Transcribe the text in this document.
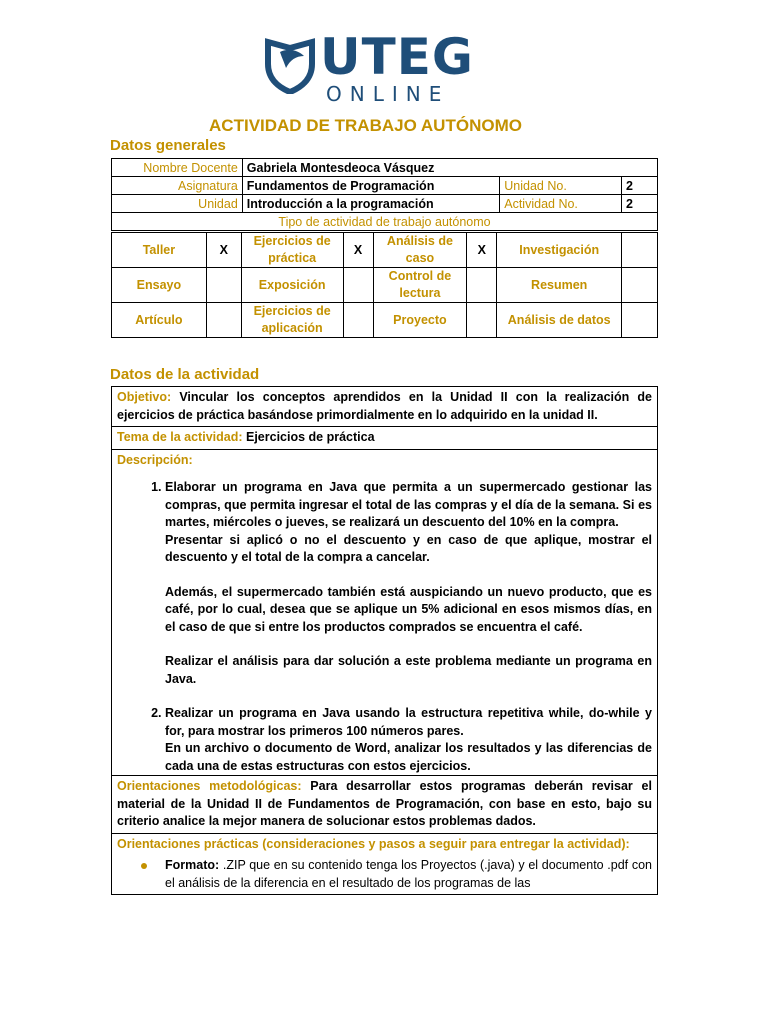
UTEG
ONLINE
ACTIVIDAD DE TRABAJO AUTÓNOMO
Datos generales
Nombre Docente	Gabriela Montesdeoca Vásquez		
Asignatura	Fundamentos de Programación	Unidad No.	2
Unidad	Introducción a la programación	Actividad No.	2
Tipo de actividad de trabajo autónomo			
Taller	X	Ejercicios de práctica	X	Análisis de caso	X	Investigación	
Ensayo		Exposición		Control de lectura		Resumen	
Artículo		Ejercicios de aplicación		Proyecto		Análisis de datos	
Datos de la actividad
Objetivo: Vincular los conceptos aprendidos en la Unidad II con la realización de ejercicios de práctica basándose primordialmente en lo adquirido en la unidad II.
Tema de la actividad: Ejercicios de práctica
Descripción:

1. Elaborar un programa en Java que permita a un supermercado gestionar las compras, que permita ingresar el total de las compras y el día de la semana. Si es martes, miércoles o jueves, se realizará un descuento del 10% en la compra.
Presentar si aplicó o no el descuento y en caso de que aplique, mostrar el descuento y el total de la compra a cancelar.

Además, el supermercado también está auspiciando un nuevo producto, que es café, por lo cual, desea que se aplique un 5% adicional en esos mismos días, en el caso de que si entre los productos comprados se encuentra el café.

Realizar el análisis para dar solución a este problema mediante un programa en Java.

2. Realizar un programa en Java usando la estructura repetitiva while, do-while y for, para mostrar los primeros 100 números pares.
En un archivo o documento de Word, analizar los resultados y las diferencias de cada una de estas estructuras con estos ejercicios.

Orientaciones metodológicas: Para desarrollar estos programas deberán revisar el material de la Unidad II de Fundamentos de Programación, con base en esto, bajo su criterio analice la mejor manera de solucionar estos problemas dados.
Orientaciones prácticas (consideraciones y pasos a seguir para entregar la actividad):
Formato: .ZIP que en su contenido tenga los Proyectos (.java) y el documento .pdf con el análisis de la diferencia en el resultado de los programas de las
